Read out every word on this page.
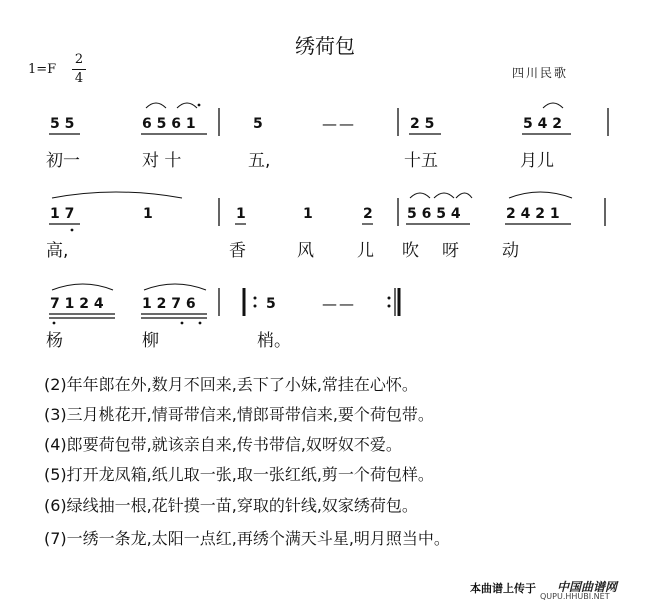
绣荷包
1=F
2
4	四川民歌
5 5	6 5 6 1	5	——	2 5	5 4 2
初一	对 十	五,	十五	月儿
1 7	1	1	1	2 5 6 5 4	2 4 2 1
高,	香	风	儿 吹 呀	动
7 1 2 4	1 2 7 6	5	——
杨	柳	梢。
(2)年年郎在外,数月不回来,丢下了小妹,常挂在心怀。
(3)三月桃花开,情哥带信来,情郎哥带信来,要个荷包带。
(4)郎要荷包带,就该亲自来,传书带信,奴呀奴不爱。
(5)打开龙凤箱,纸儿取一张,取一张红纸,剪一个荷包样。
(6)绿线抽一根,花针摸一苗,穿取的针线,奴家绣荷包。
(7)一绣一条龙,太阳一点红,再绣个满天斗星,明月照当中。
本曲谱上传于 中国曲谱网
QUPU.HHUBI.NET
